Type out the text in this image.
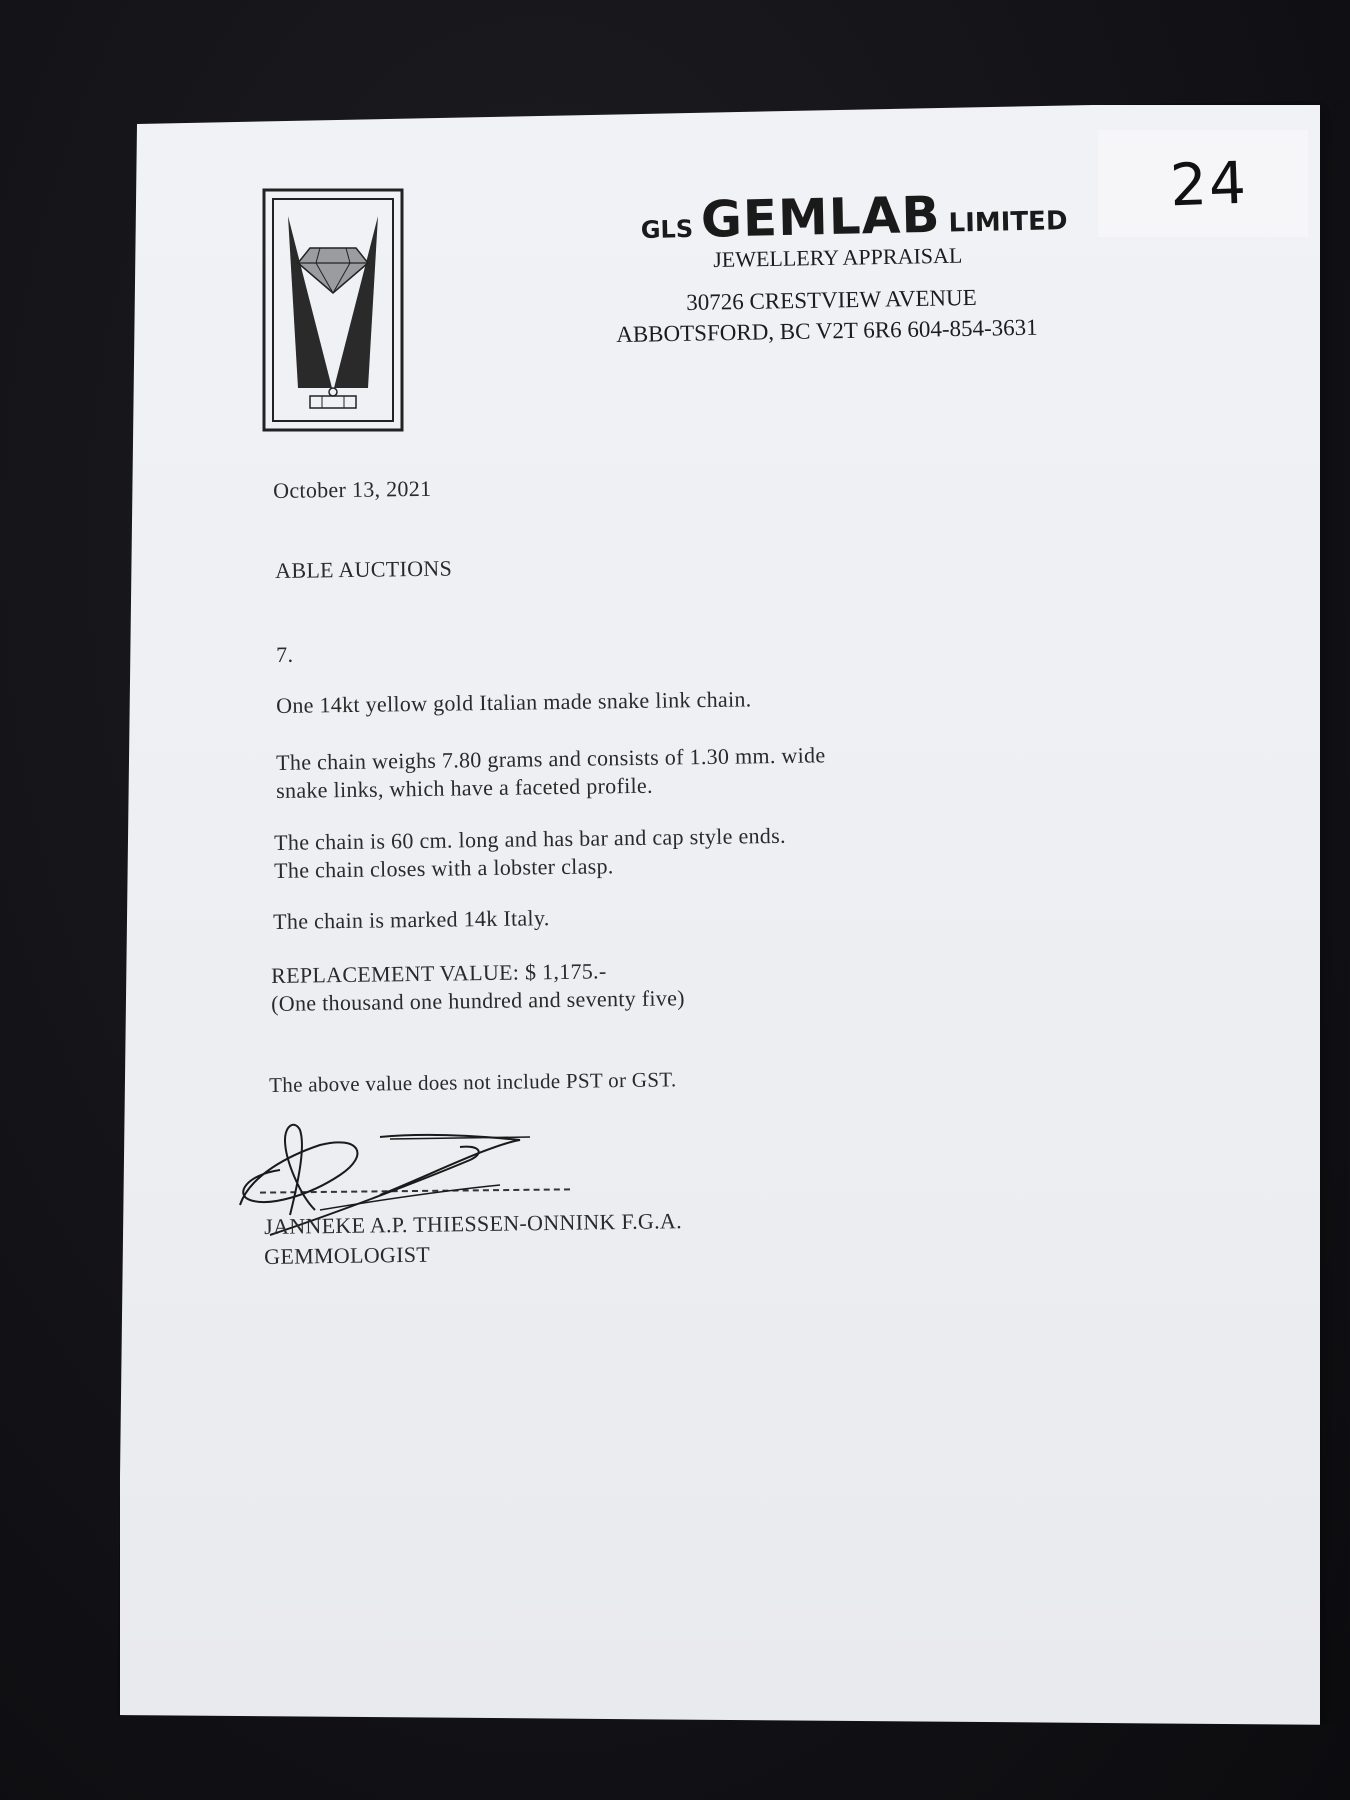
24
GLS GEMLAB LIMITED
JEWELLERY APPRAISAL
30726 CRESTVIEW AVENUE
ABBOTSFORD, BC V2T 6R6 604-854-3631
October 13, 2021
ABLE AUCTIONS
7.
One 14kt yellow gold Italian made snake link chain.
The chain weighs 7.80 grams and consists of 1.30 mm. wide
snake links, which have a faceted profile.
The chain is 60 cm. long and has bar and cap style ends.
The chain closes with a lobster clasp.
The chain is marked 14k Italy.
REPLACEMENT VALUE: $ 1,175.-
(One thousand one hundred and seventy five)
The above value does not include PST or GST.
JANNEKE A.P. THIESSEN-ONNINK F.G.A.
GEMMOLOGIST
